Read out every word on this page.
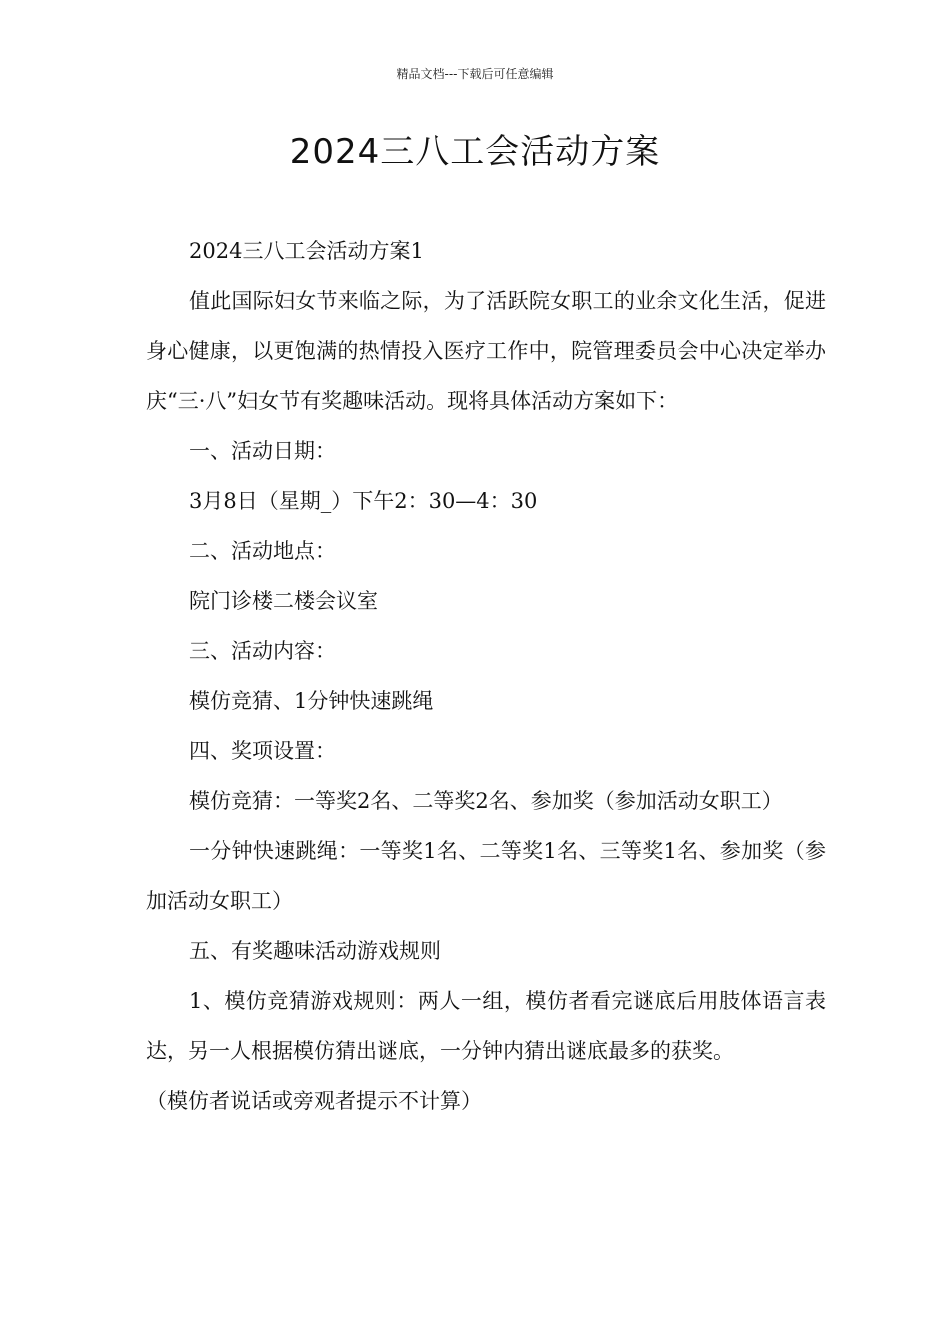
精品文档---下载后可任意编辑
2024三八工会活动方案

2024三八工会活动方案1

值此国际妇女节来临之际，为了活跃院女职工的业余文化生活，促进身心健康，以更饱满的热情投入医疗工作中，院管理委员会中心决定举办庆“三·八”妇女节有奖趣味活动。现将具体活动方案如下：

一、活动日期：

3月8日（星期_）下午2：30—4：30

二、活动地点：

院门诊楼二楼会议室

三、活动内容：

模仿竞猜、1分钟快速跳绳

四、奖项设置：

模仿竞猜：一等奖2名、二等奖2名、参加奖（参加活动女职工）

一分钟快速跳绳：一等奖1名、二等奖1名、三等奖1名、参加奖（参加活动女职工）

五、有奖趣味活动游戏规则

1、模仿竞猜游戏规则：两人一组，模仿者看完谜底后用肢体语言表达，另一人根据模仿猜出谜底，一分钟内猜出谜底最多的获奖。

（模仿者说话或旁观者提示不计算）
